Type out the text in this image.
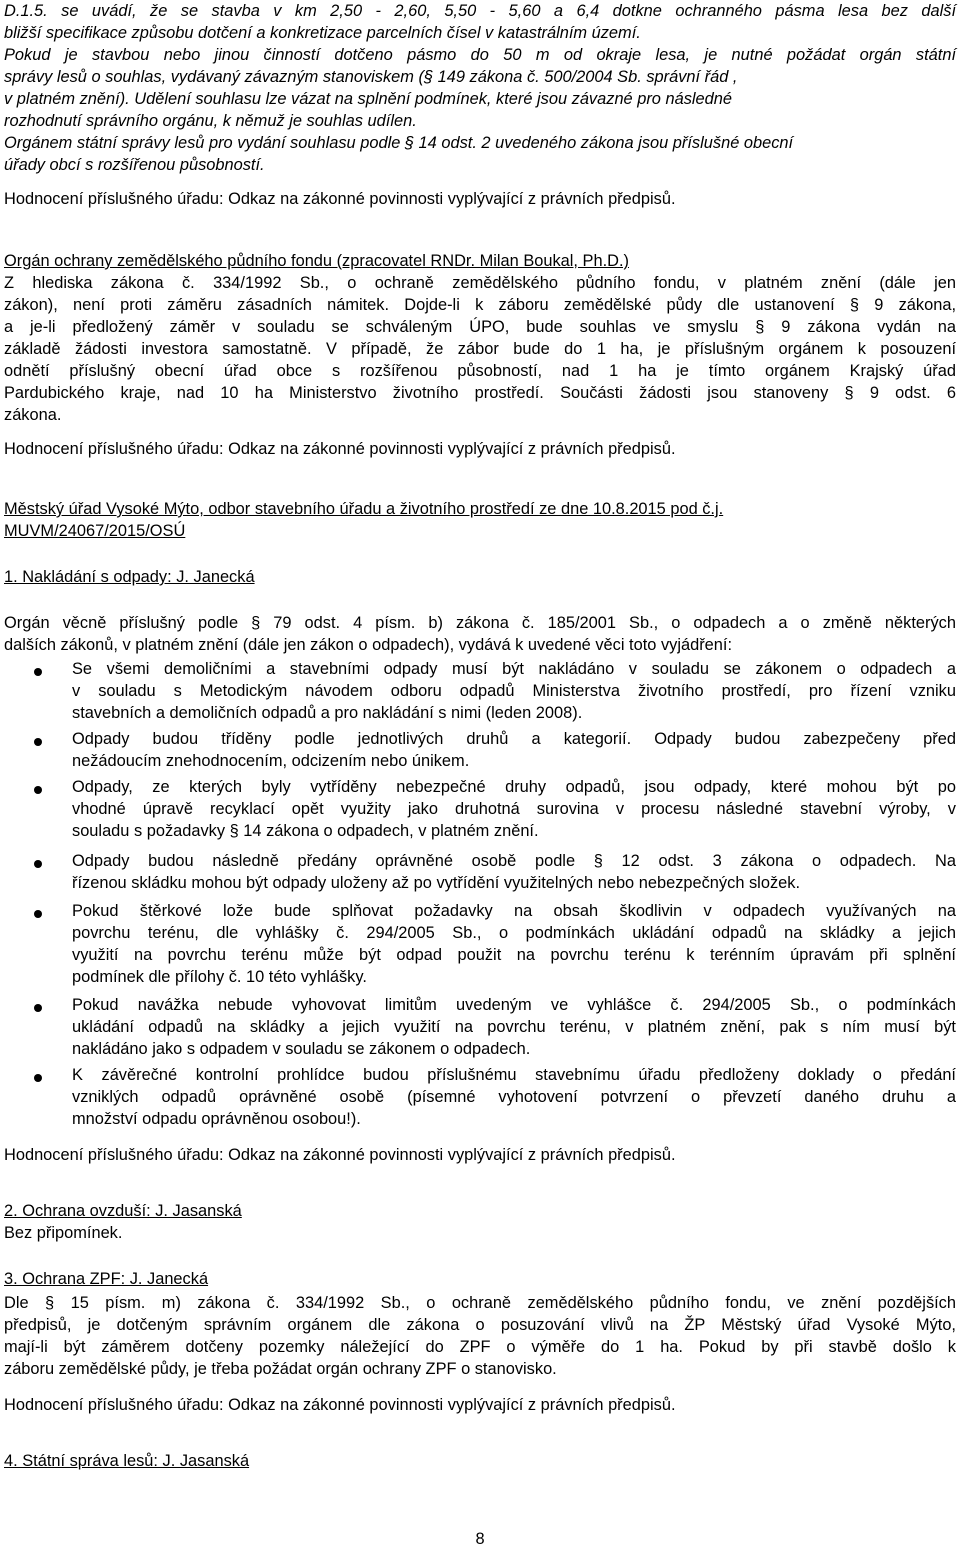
D.1.5. se uvádí, že se stavba v km 2,50 - 2,60, 5,50 - 5,60 a 6,4 dotkne ochranného pásma lesa bez další
bližší specifikace způsobu dotčení a konkretizace parcelních čísel v katastrálním území.
Pokud je stavbou nebo jinou činností dotčeno pásmo do 50 m od okraje lesa, je nutné požádat orgán státní
správy lesů o souhlas, vydávaný závazným stanoviskem (§ 149 zákona č. 500/2004 Sb. správní řád ,
v platném znění). Udělení souhlasu lze vázat na splnění podmínek, které jsou závazné pro následné
rozhodnutí správního orgánu, k němuž je souhlas udílen.
Orgánem státní správy lesů pro vydání souhlasu podle § 14 odst. 2 uvedeného zákona jsou příslušné obecní
úřady obcí s rozšířenou působností.
Hodnocení příslušného úřadu: Odkaz na zákonné povinnosti vyplývající z právních předpisů.
Orgán ochrany zemědělského půdního fondu (zpracovatel RNDr. Milan Boukal, Ph.D.)
Z hlediska zákona č. 334/1992 Sb., o ochraně zemědělského půdního fondu, v platném znění (dále jen
zákon), není proti záměru zásadních námitek. Dojde-li k záboru zemědělské půdy dle ustanovení § 9 zákona,
a je-li předložený záměr v souladu se schváleným ÚPO, bude souhlas ve smyslu § 9 zákona vydán na
základě žádosti investora samostatně. V případě, že zábor bude do 1 ha, je příslušným orgánem k posouzení
odnětí příslušný obecní úřad obce s rozšířenou působností, nad 1 ha je tímto orgánem Krajský úřad
Pardubického kraje, nad 10 ha Ministerstvo životního prostředí. Součásti žádosti jsou stanoveny § 9 odst. 6
zákona.
Hodnocení příslušného úřadu: Odkaz na zákonné povinnosti vyplývající z právních předpisů.
Městský úřad Vysoké Mýto, odbor stavebního úřadu a životního prostředí ze dne 10.8.2015 pod č.j.
MUVM/24067/2015/OSÚ
1. Nakládání s odpady: J. Janecká
Orgán věcně příslušný podle § 79 odst. 4 písm. b) zákona č. 185/2001 Sb., o odpadech a o změně některých
dalších zákonů, v platném znění (dále jen zákon o odpadech), vydává k uvedené věci toto vyjádření:
Se všemi demoličními a stavebními odpady musí být nakládáno v souladu se zákonem o odpadech a
v souladu s Metodickým návodem odboru odpadů Ministerstva životního prostředí, pro řízení vzniku
stavebních a demoličních odpadů a pro nakládání s nimi (leden 2008).
Odpady budou tříděny podle jednotlivých druhů a kategorií. Odpady budou zabezpečeny před
nežádoucím znehodnocením, odcizením nebo únikem.
Odpady, ze kterých byly vytříděny nebezpečné druhy odpadů, jsou odpady, které mohou být po
vhodné úpravě recyklací opět využity jako druhotná surovina v procesu následné stavební výroby, v
souladu s požadavky § 14 zákona o odpadech, v platném znění.
Odpady budou následně předány oprávněné osobě podle § 12 odst. 3 zákona o odpadech. Na
řízenou skládku mohou být odpady uloženy až po vytřídění využitelných nebo nebezpečných složek.
Pokud štěrkové lože bude splňovat požadavky na obsah škodlivin v odpadech využívaných na
povrchu terénu, dle vyhlášky č. 294/2005 Sb., o podmínkách ukládání odpadů na skládky a jejich
využití na povrchu terénu může být odpad použit na povrchu terénu k terénním úpravám při splnění
podmínek dle přílohy č. 10 této vyhlášky.
Pokud navážka nebude vyhovovat limitům uvedeným ve vyhlášce č. 294/2005 Sb., o podmínkách
ukládání odpadů na skládky a jejich využití na povrchu terénu, v platném znění, pak s ním musí být
nakládáno jako s odpadem v souladu se zákonem o odpadech.
K závěrečné kontrolní prohlídce budou příslušnému stavebnímu úřadu předloženy doklady o předání
vzniklých odpadů oprávněné osobě (písemné vyhotovení potvrzení o převzetí daného druhu a
množství odpadu oprávněnou osobou!).
Hodnocení příslušného úřadu: Odkaz na zákonné povinnosti vyplývající z právních předpisů.
2. Ochrana ovzduší: J. Jasanská
Bez připomínek.
3. Ochrana ZPF: J. Janecká
Dle § 15 písm. m) zákona č. 334/1992 Sb., o ochraně zemědělského půdního fondu, ve znění pozdějších
předpisů, je dotčeným správním orgánem dle zákona o posuzování vlivů na ŽP Městský úřad Vysoké Mýto,
mají-li být záměrem dotčeny pozemky náležející do ZPF o výměře do 1 ha. Pokud by při stavbě došlo k
záboru zemědělské půdy, je třeba požádat orgán ochrany ZPF o stanovisko.
Hodnocení příslušného úřadu: Odkaz na zákonné povinnosti vyplývající z právních předpisů.
4. Státní správa lesů: J. Jasanská
8
